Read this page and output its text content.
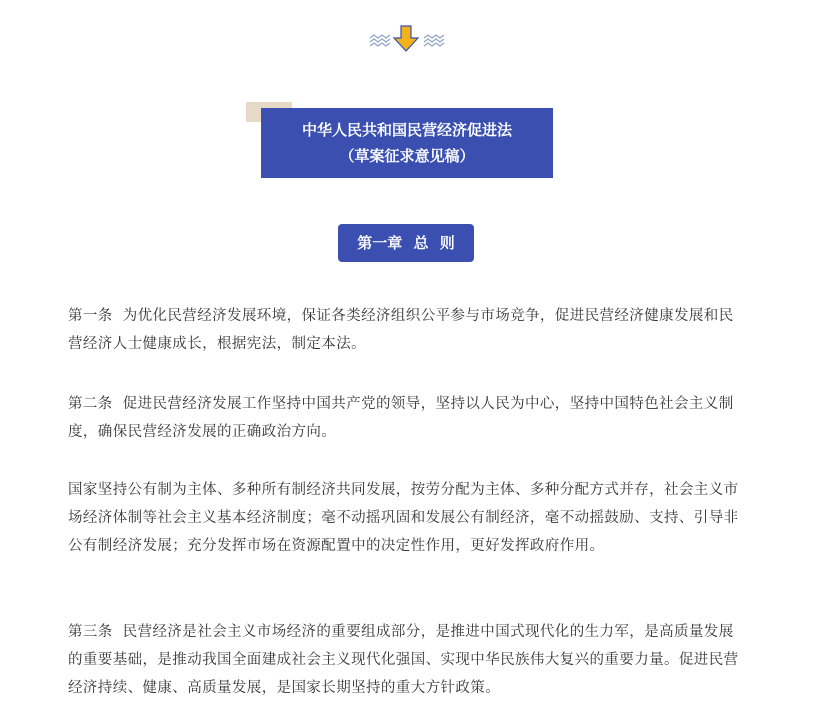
中华人民共和国民营经济促进法
（草案征求意见稿）
第一章 总 则

第一条 为优化民营经济发展环境，保证各类经济组织公平参与市场竞争，促进民营经济健康发展和民营经济人士健康成长，根据宪法，制定本法。

第二条 促进民营经济发展工作坚持中国共产党的领导，坚持以人民为中心，坚持中国特色社会主义制度，确保民营经济发展的正确政治方向。

国家坚持公有制为主体、多种所有制经济共同发展，按劳分配为主体、多种分配方式并存，社会主义市场经济体制等社会主义基本经济制度；毫不动摇巩固和发展公有制经济，毫不动摇鼓励、支持、引导非公有制经济发展；充分发挥市场在资源配置中的决定性作用，更好发挥政府作用。

第三条 民营经济是社会主义市场经济的重要组成部分，是推进中国式现代化的生力军，是高质量发展的重要基础，是推动我国全面建成社会主义现代化强国、实现中华民族伟大复兴的重要力量。促进民营经济持续、健康、高质量发展，是国家长期坚持的重大方针政策。
